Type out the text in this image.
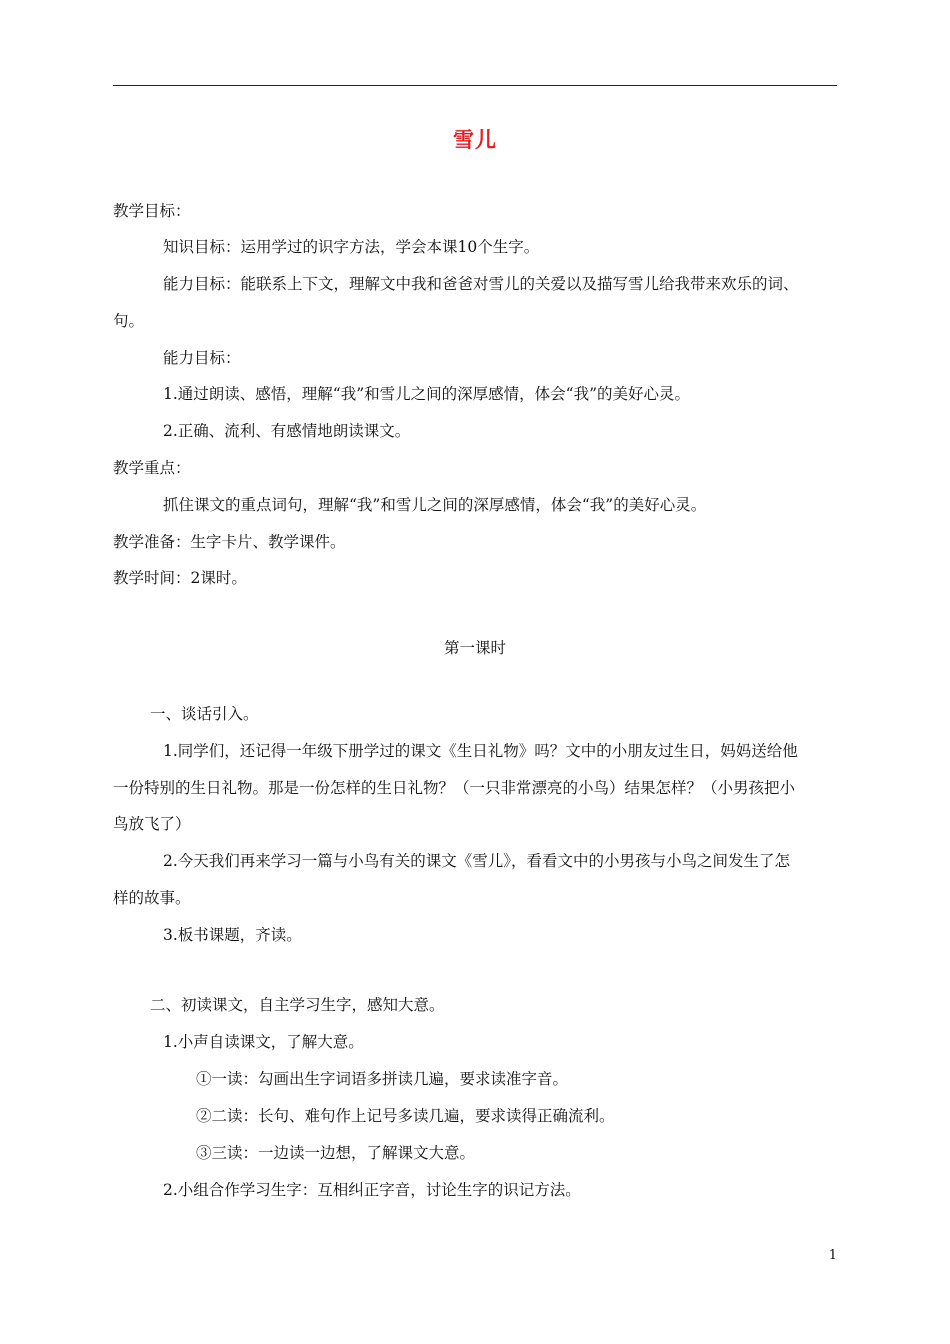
雪儿
教学目标：
知识目标：运用学过的识字方法，学会本课10个生字。
能力目标：能联系上下文，理解文中我和爸爸对雪儿的关爱以及描写雪儿给我带来欢乐的词、
句。
能力目标：
1.通过朗读、感悟，理解“我”和雪儿之间的深厚感情，体会“我”的美好心灵。
2.正确、流利、有感情地朗读课文。
教学重点：
抓住课文的重点词句，理解“我”和雪儿之间的深厚感情，体会“我”的美好心灵。
教学准备：生字卡片、教学课件。
教学时间：2课时。
第一课时
一、谈话引入。
1.同学们，还记得一年级下册学过的课文《生日礼物》吗？文中的小朋友过生日，妈妈送给他
一份特别的生日礼物。那是一份怎样的生日礼物？（一只非常漂亮的小鸟）结果怎样？（小男孩把小
鸟放飞了）
2.今天我们再来学习一篇与小鸟有关的课文《雪儿》，看看文中的小男孩与小鸟之间发生了怎
样的故事。
3.板书课题，齐读。
二、初读课文，自主学习生字，感知大意。
1.小声自读课文，了解大意。
①一读：勾画出生字词语多拼读几遍，要求读准字音。
②二读：长句、难句作上记号多读几遍，要求读得正确流利。
③三读：一边读一边想，了解课文大意。
2.小组合作学习生字：互相纠正字音，讨论生字的识记方法。
1
